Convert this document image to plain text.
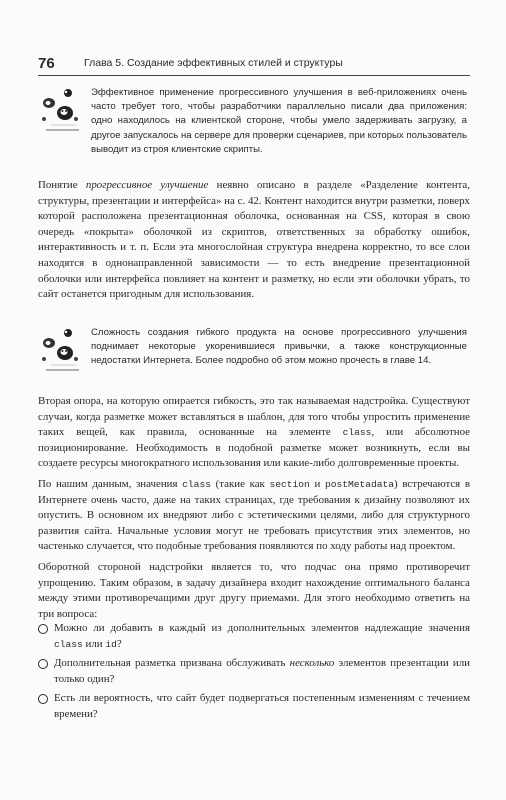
76	Глава 5. Создание эффективных стилей и структуры
Эффективное применение прогрессивного улучшения в веб-приложениях очень часто требует того, чтобы разработчики параллельно писали два приложения: одно находилось на клиентской стороне, чтобы умело задерживать загрузку, а другое запускалось на сервере для проверки сценариев, при которых пользователь выводит из строя клиентские скрипты.

Понятие прогрессивное улучшение неявно описано в разделе «Разделение контента, структуры, презентации и интерфейса» на с. 42. Контент находится внутри разметки, поверх которой расположена презентационная оболочка, основанная на CSS, которая в свою очередь «покрыта» оболочкой из скриптов, ответственных за обработку ошибок, интерактивность и т. п. Если эта многослойная структура внедрена корректно, то все слои находятся в однонаправленной зависимости — то есть внедрение презентационной оболочки или интерфейса повлияет на контент и разметку, но если эти оболочки убрать, то сайт останется пригодным для использования.

Сложность создания гибкого продукта на основе прогрессивного улучшения поднимает некоторые укоренившиеся привычки, а также конструкционные недостатки Интернета. Более подробно об этом можно прочесть в главе 14.

Вторая опора, на которую опирается гибкость, это так называемая надстройка. Существуют случаи, когда разметке может вставляться в шаблон, для того чтобы упростить применение таких вещей, как правила, основанные на элементе class, или абсолютное позиционирование. Необходимость в подобной разметке может возникнуть, если вы создаете ресурсы многократного использования или какие-либо долговременные проекты.

По нашим данным, значения class (такие как section и postMetadata) встречаются в Интернете очень часто, даже на таких страницах, где требования к дизайну позволяют их опустить. В основном их внедряют либо с эстетическими целями, либо для структурного развития сайта. Начальные условия могут не требовать присутствия этих элементов, но частенько случается, что подобные требования появляются по ходу работы над проектом.

Оборотной стороной надстройки является то, что подчас она прямо противоречит упрощению. Таким образом, в задачу дизайнера входит нахождение оптимального баланса между этими противоречащими друг другу приемами. Для этого необходимо ответить на три вопроса:

Можно ли добавить в каждый из дополнительных элементов надлежащие значения class или id?
Дополнительная разметка призвана обслуживать несколько элементов презентации или только один?
Есть ли вероятность, что сайт будет подвергаться постепенным изменениям с течением времени?
